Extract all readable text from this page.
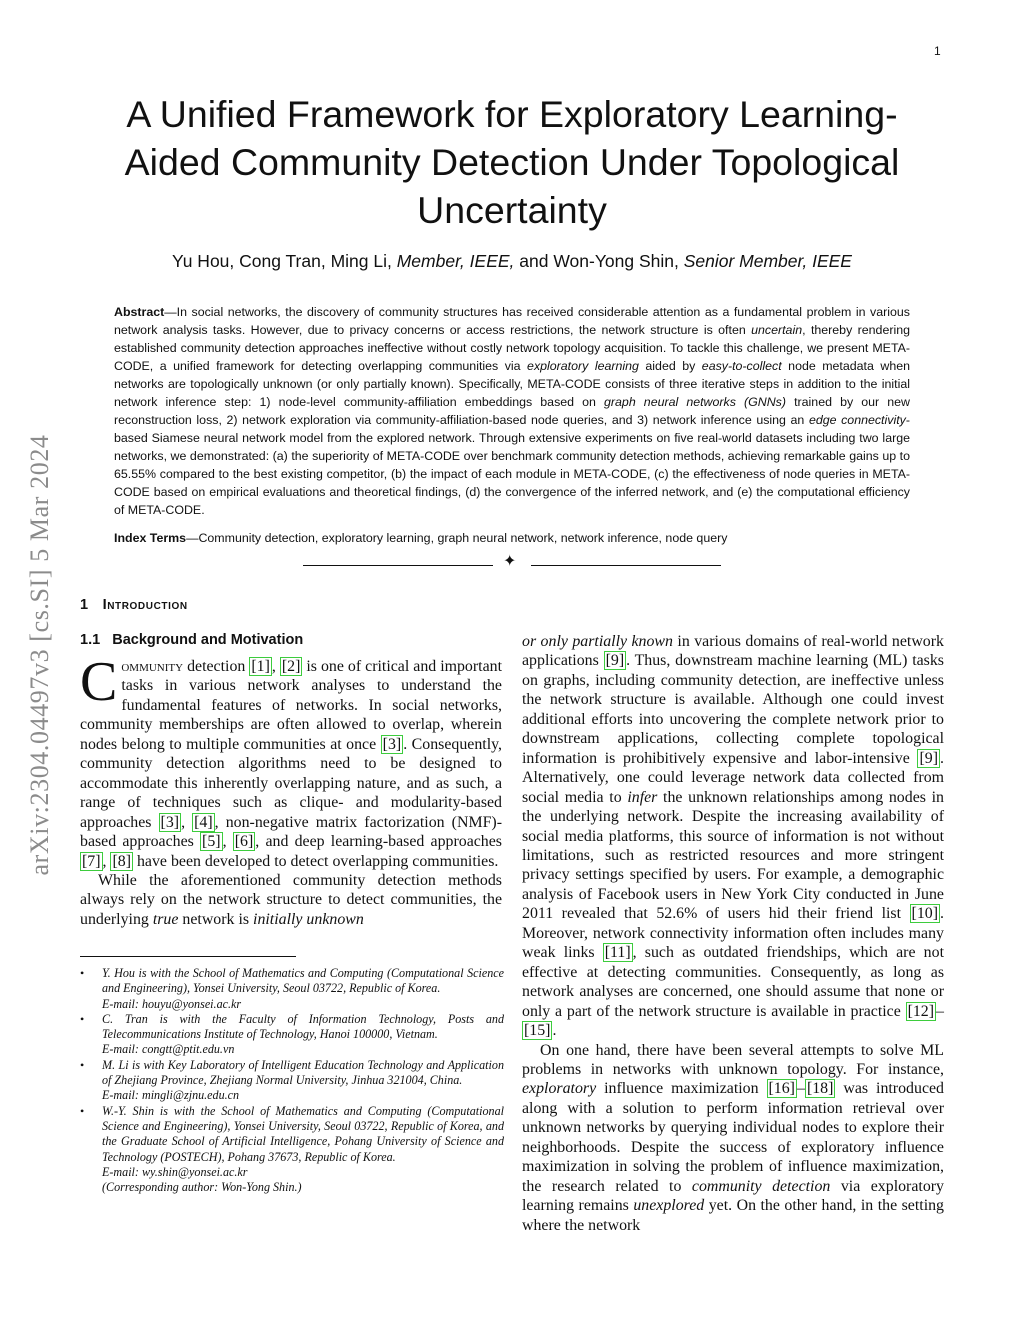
1
arXiv:2304.04497v3 [cs.SI] 5 Mar 2024
A Unified Framework for Exploratory Learning-Aided Community Detection Under Topological Uncertainty
Yu Hou, Cong Tran, Ming Li, Member, IEEE, and Won-Yong Shin, Senior Member, IEEE
Abstract—In social networks, the discovery of community structures has received considerable attention as a fundamental problem in various network analysis tasks. However, due to privacy concerns or access restrictions, the network structure is often uncertain, thereby rendering established community detection approaches ineffective without costly network topology acquisition. To tackle this challenge, we present META-CODE, a unified framework for detecting overlapping communities via exploratory learning aided by easy-to-collect node metadata when networks are topologically unknown (or only partially known). Specifically, META-CODE consists of three iterative steps in addition to the initial network inference step: 1) node-level community-affiliation embeddings based on graph neural networks (GNNs) trained by our new reconstruction loss, 2) network exploration via community-affiliation-based node queries, and 3) network inference using an edge connectivity-based Siamese neural network model from the explored network. Through extensive experiments on five real-world datasets including two large networks, we demonstrated: (a) the superiority of META-CODE over benchmark community detection methods, achieving remarkable gains up to 65.55% compared to the best existing competitor, (b) the impact of each module in META-CODE, (c) the effectiveness of node queries in META-CODE based on empirical evaluations and theoretical findings, (d) the convergence of the inferred network, and (e) the computational efficiency of META-CODE.
Index Terms—Community detection, exploratory learning, graph neural network, network inference, node query
✦
1 Introduction
1.1 Background and Motivation

Community detection [1] , [2] is one of critical and important tasks in various network analyses to understand the fundamental features of networks. In social networks, community memberships are often allowed to overlap, wherein nodes belong to multiple communities at once [3] . Consequently, community detection algorithms need to be designed to accommodate this inherently overlapping nature, and as such, a range of techniques such as clique- and modularity-based approaches [3] , [4] , non-negative matrix factorization (NMF)-based approaches [5] , [6] , and deep learning-based approaches [7] , [8] have been developed to detect overlapping communities.

While the aforementioned community detection methods always rely on the network structure to detect communities, the underlying true network is initially unknown

• Y. Hou is with the School of Mathematics and Computing (Computational Science and Engineering), Yonsei University, Seoul 03722, Republic of Korea.
E-mail: houyu@yonsei.ac.kr

• C. Tran is with the Faculty of Information Technology, Posts and Telecommunications Institute of Technology, Hanoi 100000, Vietnam.
E-mail: congtt@ptit.edu.vn

• M. Li is with Key Laboratory of Intelligent Education Technology and Application of Zhejiang Province, Zhejiang Normal University, Jinhua 321004, China.
E-mail: mingli@zjnu.edu.cn

• W.-Y. Shin is with the School of Mathematics and Computing (Computational Science and Engineering), Yonsei University, Seoul 03722, Republic of Korea, and the Graduate School of Artificial Intelligence, Pohang University of Science and Technology (POSTECH), Pohang 37673, Republic of Korea.
E-mail: wy.shin@yonsei.ac.kr
(Corresponding author: Won-Yong Shin.)

or only partially known in various domains of real-world network applications [9] . Thus, downstream machine learning (ML) tasks on graphs, including community detection, are ineffective unless the network structure is available. Although one could invest additional efforts into uncovering the complete network prior to downstream applications, collecting complete topological information is prohibitively expensive and labor-intensive [9] . Alternatively, one could leverage network data collected from social media to infer the unknown relationships among nodes in the underlying network. Despite the increasing availability of social media platforms, this source of information is not without limitations, such as restricted resources and more stringent privacy settings specified by users. For example, a demographic analysis of Facebook users in New York City conducted in June 2011 revealed that 52.6% of users hid their friend list [10] . Moreover, network connectivity information often includes many weak links [11] , such as outdated friendships, which are not effective at detecting communities. Consequently, as long as network analyses are concerned, one should assume that none or only a part of the network structure is available in practice [12] –[15] .

On one hand, there have been several attempts to solve ML problems in networks with unknown topology. For instance, exploratory influence maximization [16] – [18] was introduced along with a solution to perform information retrieval over unknown networks by querying individual nodes to explore their neighborhoods. Despite the success of exploratory influence maximization in solving the problem of influence maximization, the research related to community detection via exploratory learning remains unexplored yet. On the other hand, in the setting where the network
